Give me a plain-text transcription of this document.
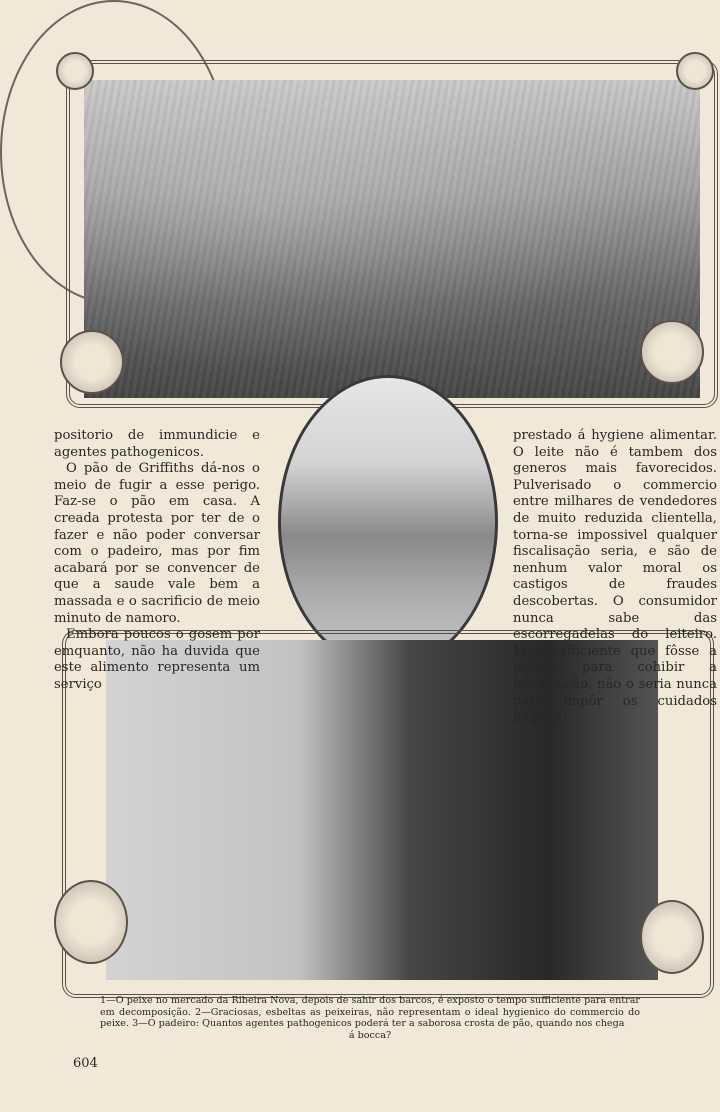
positorio de immundicie e agentes pathogenicos.

O pão de Griffiths dá-nos o meio de fugir a esse perigo. Faz-se o pão em casa. A creada protesta por ter de o fazer e não poder conversar com o padeiro, mas por fim acabará por se convencer de que a saude vale bem a massada e o sacrificio de meio minuto de namoro.

Embora poucos o gosem por emquanto, não ha duvida que este alimento representa um serviço

prestado á hygiene alimentar. O leite não é tambem dos generos mais favorecidos. Pulverisado o commercio entre milhares de vendedores de muito reduzida clientella, torna-se impossivel qualquer fiscalisação seria, e são de nenhum valor moral os castigos de fraudes descobertas. O consumidor nunca sabe das escorregadelas do leiteiro. Mas sufficiente que fôsse a policia para cohibir a falsificação, não o seria nunca para impôr os cuidados hygieni-

1—O peixe no mercado da Ribeira Nova, depois de sahir dos barcos, é exposto o tempo sufficiente para entrar em decomposição. 2—Graciosas, esbeltas as peixeiras, não representam o ideal hygienico do commercio do peixe. 3—O padeiro: Quantos agentes pathogenicos poderá ter a saborosa crosta de pão, quando nos chega
á bocca?
604
